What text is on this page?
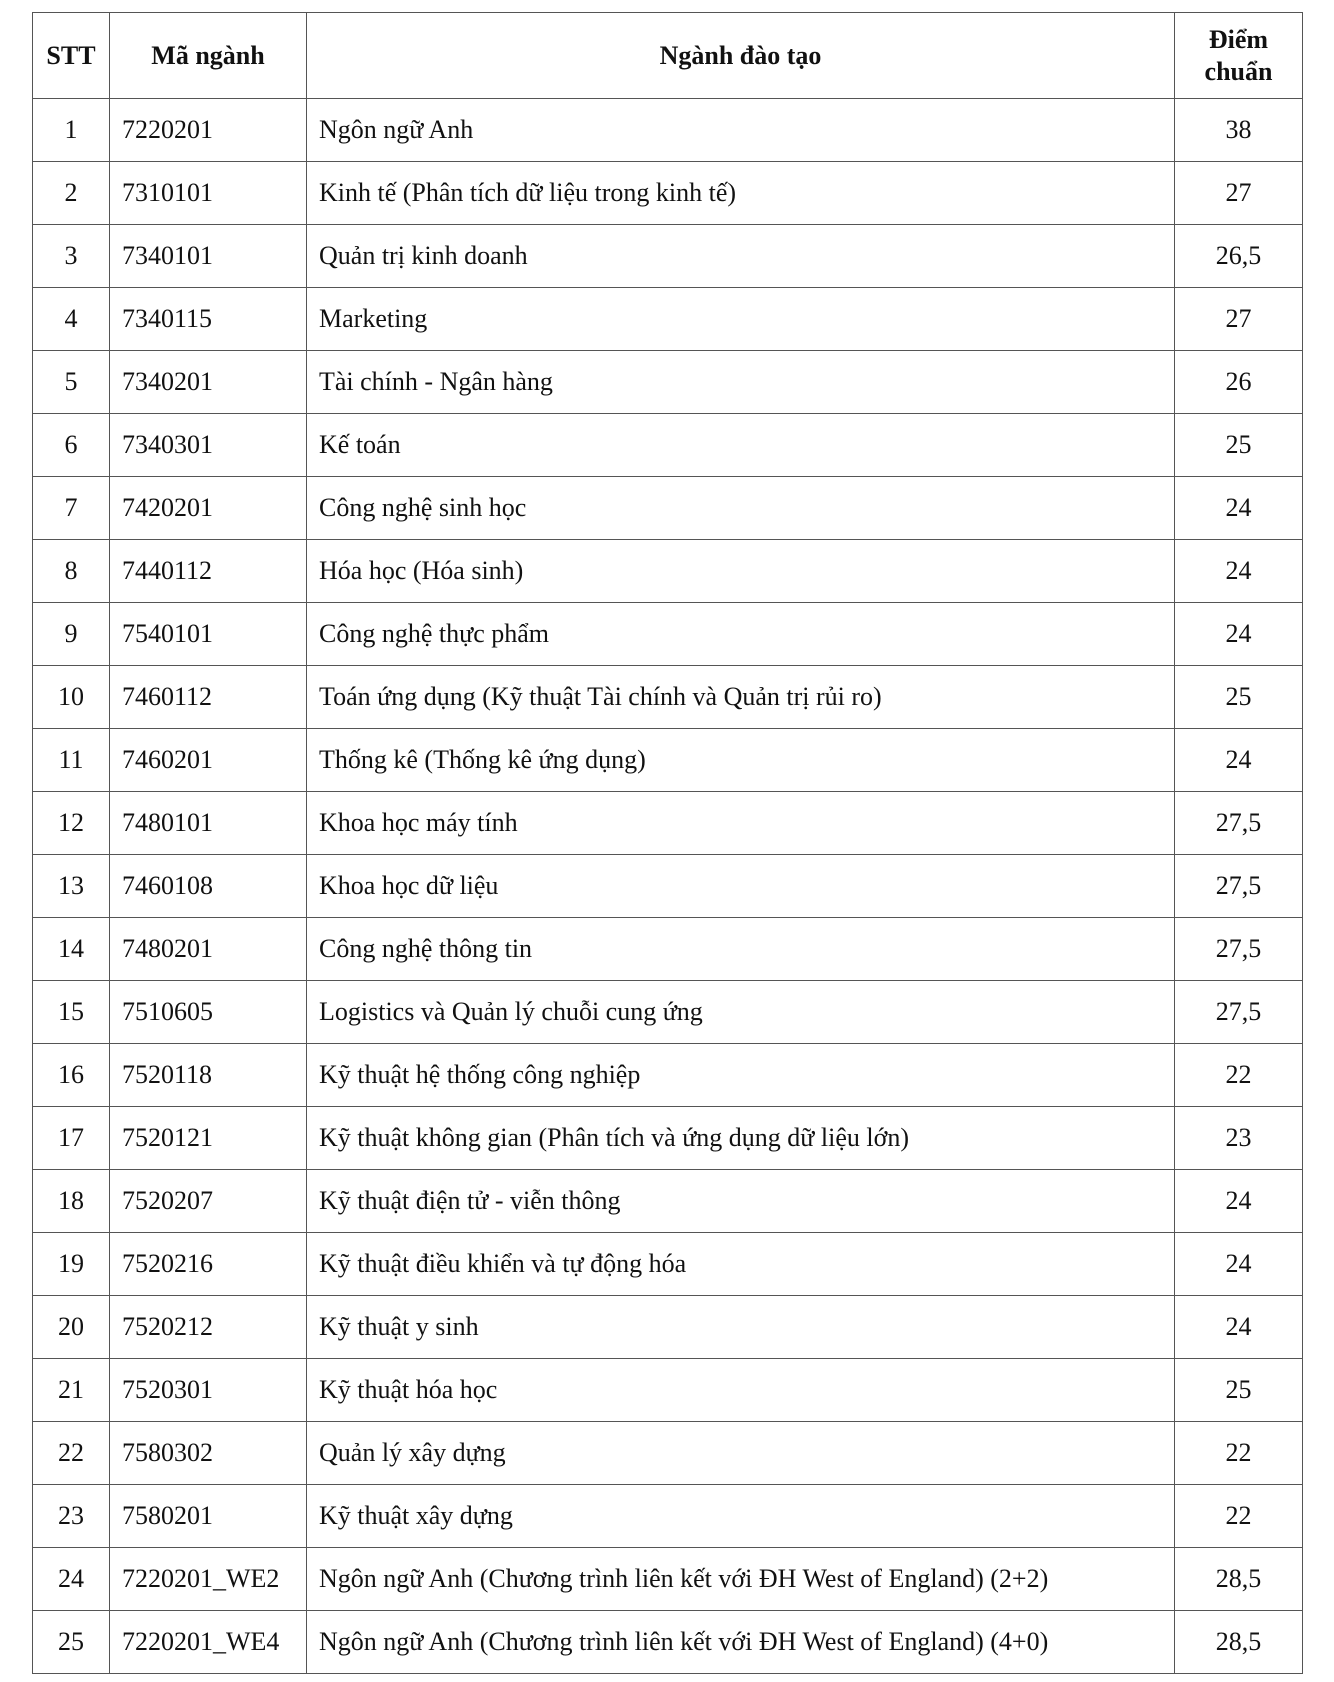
STT	Mã ngành	Ngành đào tạo	Điểm
chuẩn

1	7220201	Ngôn ngữ Anh	38
2	7310101	Kinh tế (Phân tích dữ liệu trong kinh tế)	27
3	7340101	Quản trị kinh doanh	26,5
4	7340115	Marketing	27
5	7340201	Tài chính - Ngân hàng	26
6	7340301	Kế toán	25
7	7420201	Công nghệ sinh học	24
8	7440112	Hóa học (Hóa sinh)	24
9	7540101	Công nghệ thực phẩm	24
10	7460112	Toán ứng dụng (Kỹ thuật Tài chính và Quản trị rủi ro)	25
11	7460201	Thống kê (Thống kê ứng dụng)	24
12	7480101	Khoa học máy tính	27,5
13	7460108	Khoa học dữ liệu	27,5
14	7480201	Công nghệ thông tin	27,5
15	7510605	Logistics và Quản lý chuỗi cung ứng	27,5
16	7520118	Kỹ thuật hệ thống công nghiệp	22
17	7520121	Kỹ thuật không gian (Phân tích và ứng dụng dữ liệu lớn)	23
18	7520207	Kỹ thuật điện tử - viễn thông	24
19	7520216	Kỹ thuật điều khiển và tự động hóa	24
20	7520212	Kỹ thuật y sinh	24
21	7520301	Kỹ thuật hóa học	25
22	7580302	Quản lý xây dựng	22
23	7580201	Kỹ thuật xây dựng	22
24	7220201_WE2	Ngôn ngữ Anh (Chương trình liên kết với ĐH West of England) (2+2)	28,5
25	7220201_WE4	Ngôn ngữ Anh (Chương trình liên kết với ĐH West of England) (4+0)	28,5
